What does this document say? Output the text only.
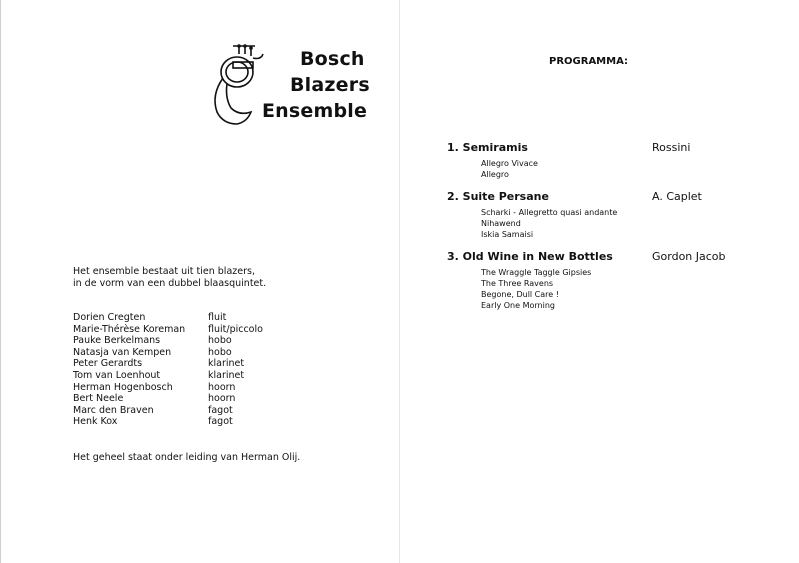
Bosch
Blazers
Ensemble
Het ensemble bestaat uit tien blazers,
in de vorm van een dubbel blaasquintet.
Dorien Cregten	fluit
Marie-Thérèse Koreman fluit/piccolo
Pauke Berkelmans	hobo
Natasja van Kempen	hobo
Peter Gerardts	klarinet
Tom van Loenhout	klarinet
Herman Hogenbosch	hoorn
Bert Neele	hoorn
Marc den Braven	fagot
Henk Kox	fagot
Het geheel staat onder leiding van Herman Olij.
PROGRAMMA:
1. Semiramis	Rossini
Allegro Vivace
Allegro
2. Suite Persane	A. Caplet
Scharki - Allegretto quasi andante
Nihawend
Iskia Samaisi
3. Old Wine in New Bottles	Gordon Jacob
The Wraggle Taggle Gipsies
The Three Ravens
Begone, Dull Care !
Early One Morning
